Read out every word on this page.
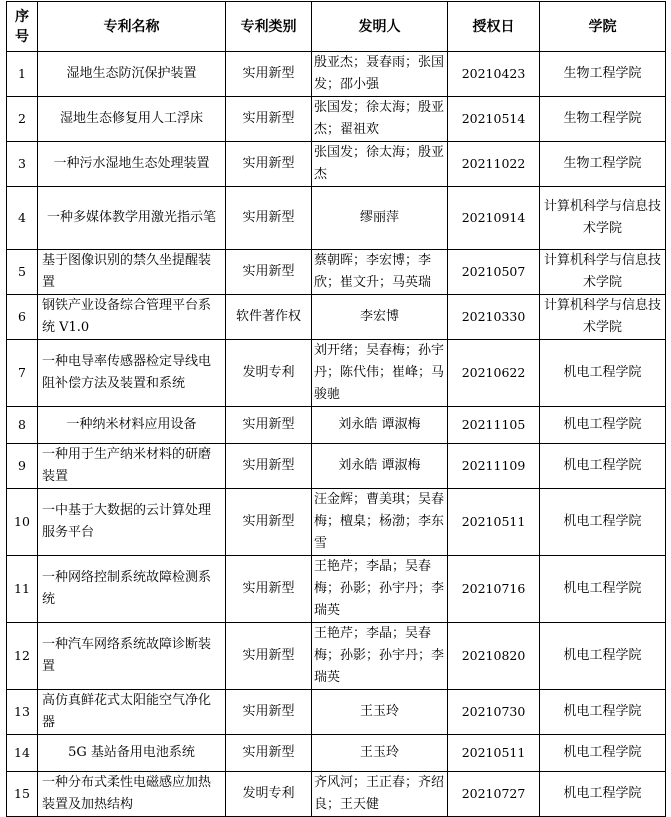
序号	专利名称	专利类别	发明人	授权日	学院
1	湿地生态防沉保护装置	实用新型	殷亚杰；聂春雨；张国发；邵小强	20210423	生物工程学院
2	湿地生态修复用人工浮床	实用新型	张国发；徐太海；殷亚杰；翟祖欢	20210514	生物工程学院
3	一种污水湿地生态处理装置	实用新型	张国发；徐太海；殷亚杰	20211022	生物工程学院
4	一种多媒体教学用激光指示笔	实用新型	缪丽萍	20210914	计算机科学与信息技术学院
5	基于图像识别的禁久坐提醒装置	实用新型	蔡朝晖；李宏博；李欣；崔文升；马英瑞	20210507	计算机科学与信息技术学院
6	钢铁产业设备综合管理平台系统 V1.0	软件著作权	李宏博	20210330	计算机科学与信息技术学院
7	一种电导率传感器检定导线电阻补偿方法及装置和系统	发明专利	刘开绪；吴春梅；孙宇丹；陈代伟；崔峰；马骏驰	20210622	机电工程学院
8	一种纳米材料应用设备	实用新型	刘永皓 谭淑梅	20211105	机电工程学院
9	一种用于生产纳米材料的研磨装置	实用新型	刘永皓 谭淑梅	20211109	机电工程学院
10	一中基于大数据的云计算处理服务平台	实用新型	汪金辉；曹美琪；吴春梅；檀臬；杨渤；李东雪	20210511	机电工程学院
11	一种网络控制系统故障检测系统	实用新型	王艳芹；李晶；吴春梅；孙影；孙宇丹；李瑞英	20210716	机电工程学院
12	一种汽车网络系统故障诊断装置	实用新型	王艳芹；李晶；吴春梅；孙影；孙宇丹；李瑞英	20210820	机电工程学院
13	高仿真鲜花式太阳能空气净化器	实用新型	王玉玲	20210730	机电工程学院
14	5G 基站备用电池系统	实用新型	王玉玲	20210511	机电工程学院
15	一种分布式柔性电磁感应加热装置及加热结构	发明专利	齐风河；王正春；齐绍良；王天健	20210727	机电工程学院
